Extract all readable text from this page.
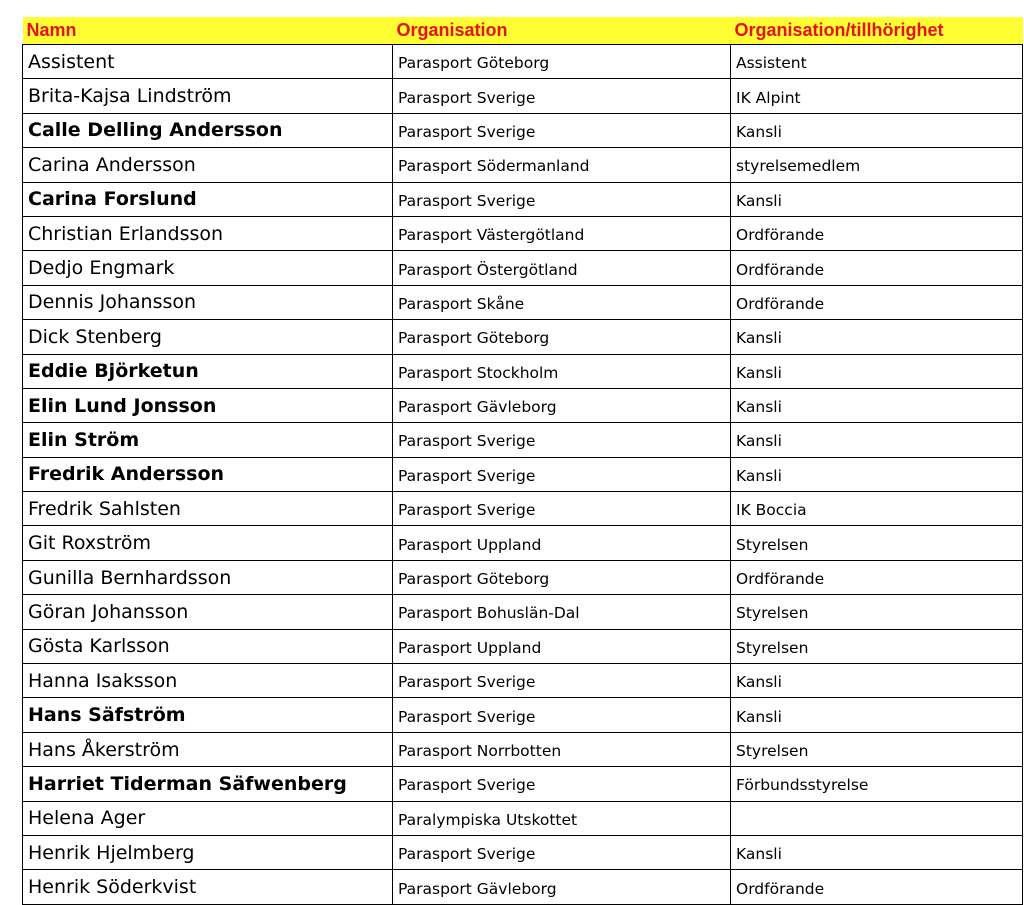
Namn	Organisation	Organisation/tillhörighet
Assistent	Parasport Göteborg	Assistent
Brita-Kajsa Lindström	Parasport Sverige	IK Alpint
Calle Delling Andersson	Parasport Sverige	Kansli
Carina Andersson	Parasport Södermanland	styrelsemedlem
Carina Forslund	Parasport Sverige	Kansli
Christian Erlandsson	Parasport Västergötland	Ordförande
Dedjo Engmark	Parasport Östergötland	Ordförande
Dennis Johansson	Parasport Skåne	Ordförande
Dick Stenberg	Parasport Göteborg	Kansli
Eddie Björketun	Parasport Stockholm	Kansli
Elin Lund Jonsson	Parasport Gävleborg	Kansli
Elin Ström	Parasport Sverige	Kansli
Fredrik Andersson	Parasport Sverige	Kansli
Fredrik Sahlsten	Parasport Sverige	IK Boccia
Git Roxström	Parasport Uppland	Styrelsen
Gunilla Bernhardsson	Parasport Göteborg	Ordförande
Göran Johansson	Parasport Bohuslän-Dal	Styrelsen
Gösta Karlsson	Parasport Uppland	Styrelsen
Hanna Isaksson	Parasport Sverige	Kansli
Hans Säfström	Parasport Sverige	Kansli
Hans Åkerström	Parasport Norrbotten	Styrelsen
Harriet Tiderman Säfwenberg	Parasport Sverige	Förbundsstyrelse
Helena Ager	Paralympiska Utskottet	
Henrik Hjelmberg	Parasport Sverige	Kansli
Henrik Söderkvist	Parasport Gävleborg	Ordförande
